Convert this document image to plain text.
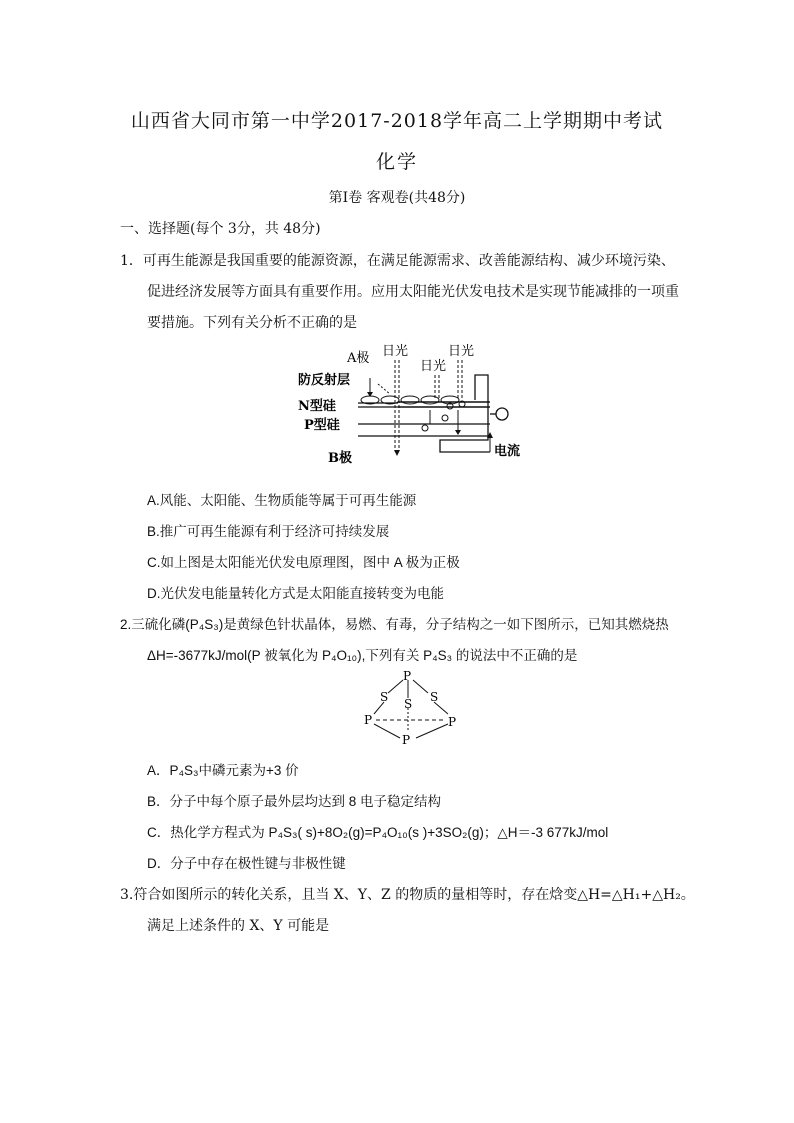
山西省大同市第一中学2017-2018学年高二上学期期中考试
化学
第Ⅰ卷 客观卷(共48分)
一、选择题(每个 3分，共 48分)
1．可再生能源是我国重要的能源资源，在满足能源需求、改善能源结构、减少环境污染、
促进经济发展等方面具有重要作用。应用太阳能光伏发电技术是实现节能减排的一项重
要措施。下列有关分析不正确的是
A极
防反射层
N型硅
P型硅
B极
日光
日光
日光
电流
A.风能、太阳能、生物质能等属于可再生能源
B.推广可再生能源有利于经济可持续发展
C.如上图是太阳能光伏发电原理图，图中 A 极为正极
D.光伏发电能量转化方式是太阳能直接转变为电能
2.三硫化磷(P₄S₃)是黄绿色针状晶体，易燃、有毒，分子结构之一如下图所示，已知其燃烧热
ΔH=-3677kJ/mol(P 被氧化为 P₄O₁₀),下列有关 P₄S₃ 的说法中不正确的是
P
S S S
P	P
P
A．P₄S₃中磷元素为+3 价
B．分子中每个原子最外层均达到 8 电子稳定结构
C．热化学方程式为 P₄S₃( s)+8O₂(g)=P₄O₁₀(s )+3SO₂(g)；△H＝-3 677kJ/mol
D．分子中存在极性键与非极性键
3.符合如图所示的转化关系，且当 X、Y、Z 的物质的量相等时，存在焓变△H=△H₁+△H₂。
满足上述条件的 X、Y 可能是
